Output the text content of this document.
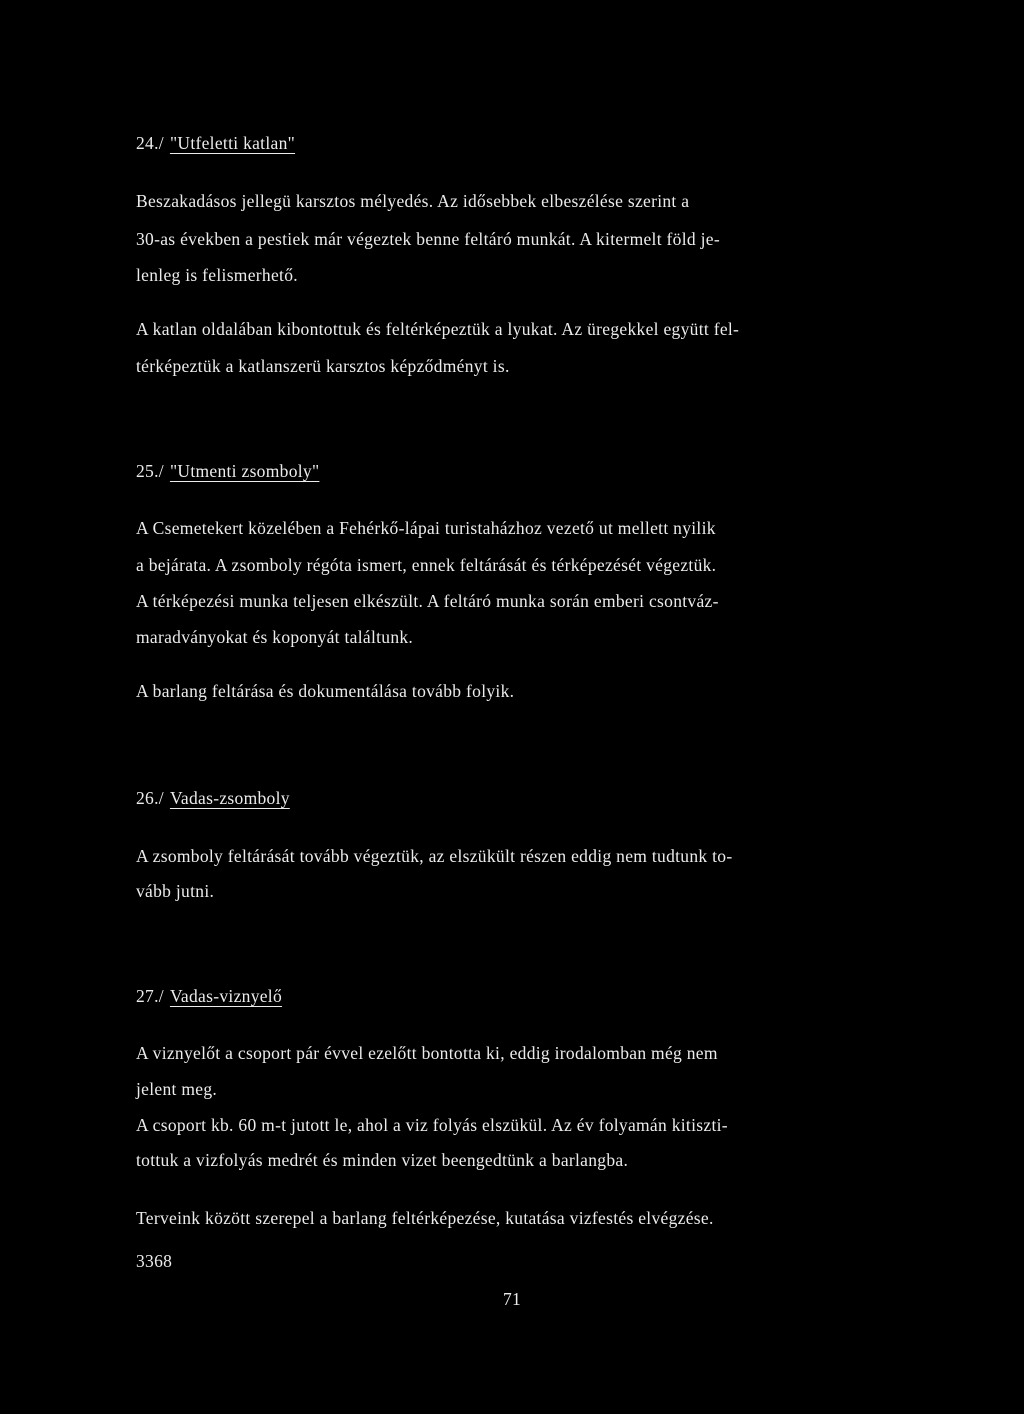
24./ "Utfeletti katlan"
Beszakadásos jellegü karsztos mélyedés. Az idősebbek elbeszélése szerint a
30-as években a pestiek már végeztek benne feltáró munkát. A kitermelt föld je-
lenleg is felismerhető.
A katlan oldalában kibontottuk és feltérképeztük a lyukat. Az üregekkel együtt fel-
térképeztük a katlanszerü karsztos képződményt is.
25./ "Utmenti zsomboly"
A Csemetekert közelében a Fehérkő-lápai turistaházhoz vezető ut mellett nyilik
a bejárata. A zsomboly régóta ismert, ennek feltárását és térképezését végeztük.
A térképezési munka teljesen elkészült. A feltáró munka során emberi csontváz-
maradványokat és koponyát találtunk.
A barlang feltárása és dokumentálása tovább folyik.
26./ Vadas-zsomboly
A zsomboly feltárását tovább végeztük, az elszükült részen eddig nem tudtunk to-
vább jutni.
27./ Vadas-viznyelő
A viznyelőt a csoport pár évvel ezelőtt bontotta ki, eddig irodalomban még nem
jelent meg.
A csoport kb. 60 m-t jutott le, ahol a viz folyás elszükül. Az év folyamán kitiszti-
tottuk a vizfolyás medrét és minden vizet beengedtünk a barlangba.
Terveink között szerepel a barlang feltérképezése, kutatása vizfestés elvégzése.
3368
71
